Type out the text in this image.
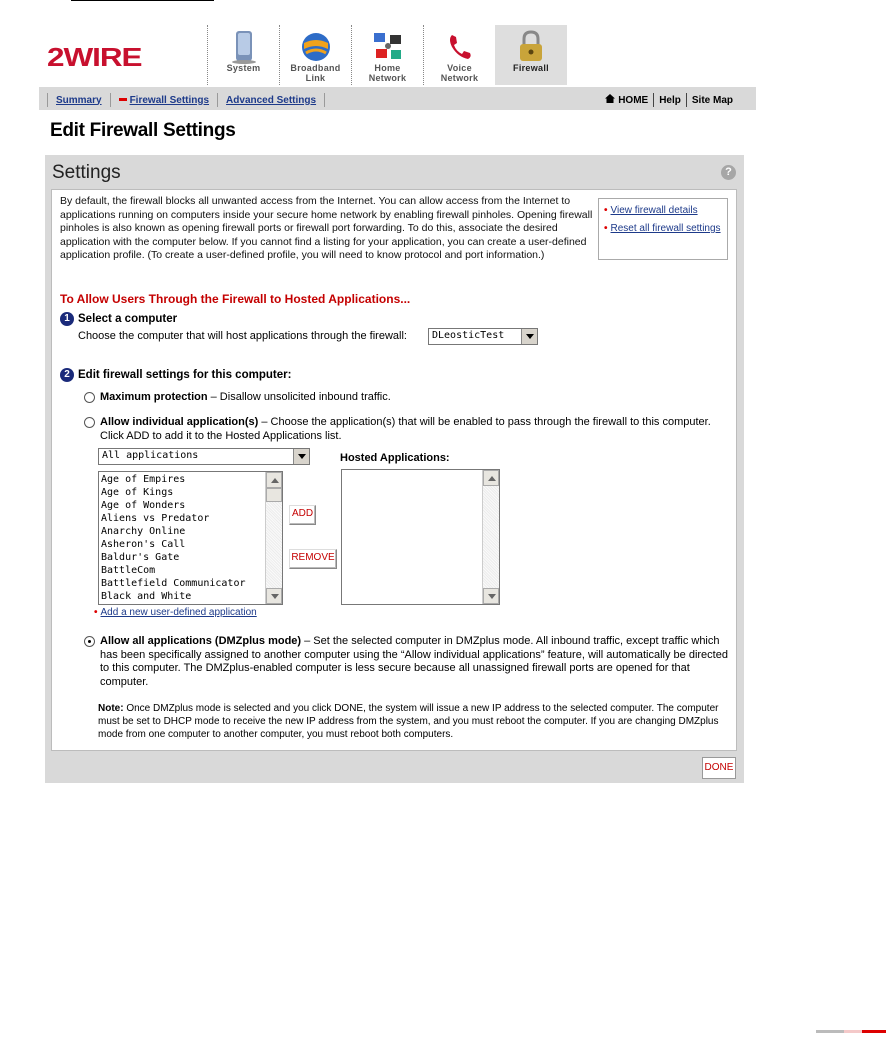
2WIRE	System	Broadband
Link
Home
Network
Voice
Network
Firewall
Summary	Firewall Settings	Advanced Settings	HOME	Help	Site Map
Edit Firewall Settings
Settings	?
By default, the firewall blocks all unwanted access from the Internet. You can allow access from the Internet to applications running on computers inside your secure home network by enabling firewall pinholes. Opening firewall pinholes is also known as opening firewall ports or firewall port forwarding. To do this, associate the desired application with the computer below. If you cannot find a listing for your application, you can create a user-defined application profile. (To create a user-defined profile, you will need to know protocol and port information.)
• View firewall details
• Reset all firewall settings
To Allow Users Through the Firewall to Hosted Applications...
1 Select a computer
Choose the computer that will host applications through the firewall:	DLeosticTest
2 Edit firewall settings for this computer:
Maximum protection – Disallow unsolicited inbound traffic.
Allow individual application(s) – Choose the application(s) that will be enabled to pass through the firewall to this computer. Click ADD to add it to the Hosted Applications list.
All applications
Age of Empires
Age of Kings
Age of Wonders
Aliens vs Predator
Anarchy Online
Asheron's Call
Baldur's Gate
BattleCom
Battlefield Communicator
Black and White
ADD
REMOVE
Hosted Applications:
• Add a new user-defined application
Allow all applications (DMZplus mode) – Set the selected computer in DMZplus mode. All inbound traffic, except traffic which has been specifically assigned to another computer using the “Allow individual applications” feature, will automatically be directed to this computer. The DMZplus-enabled computer is less secure because all unassigned firewall ports are opened for that computer.
Note: Once DMZplus mode is selected and you click DONE, the system will issue a new IP address to the selected computer. The computer must be set to DHCP mode to receive the new IP address from the system, and you must reboot the computer. If you are changing DMZplus mode from one computer to another computer, you must reboot both computers.
DONE
